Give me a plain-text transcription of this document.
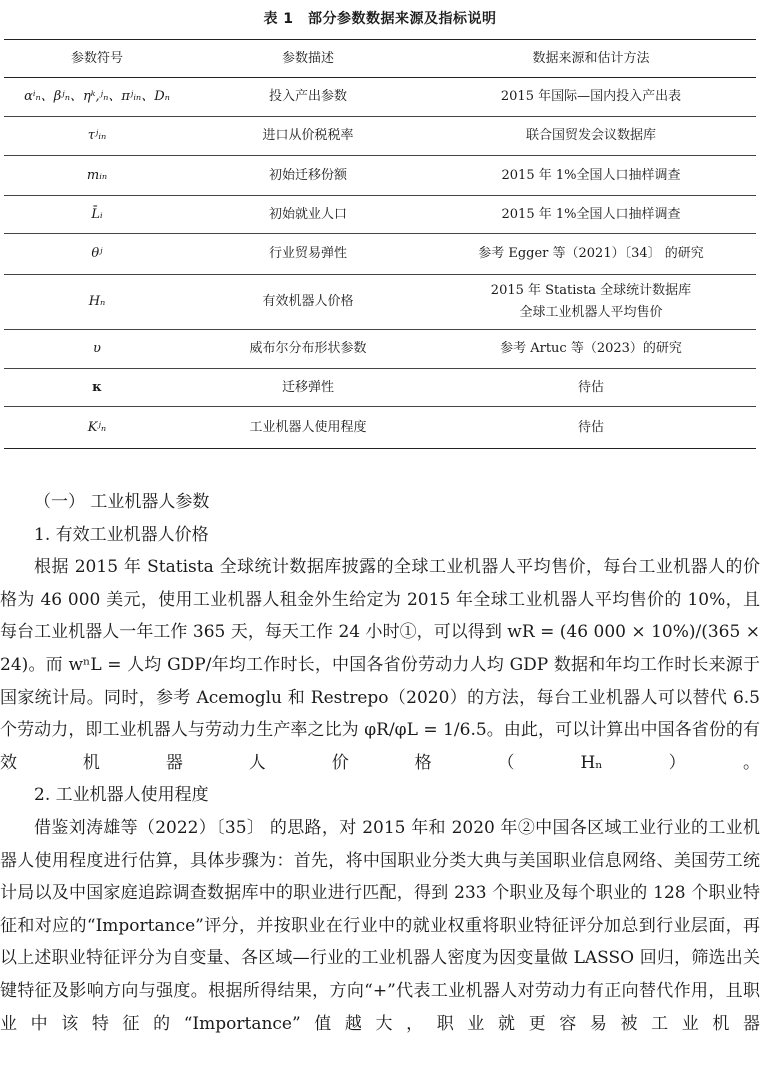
表 1　部分参数数据来源及指标说明
参数符号	参数描述	数据来源和估计方法
αⁱₙ、βʲₙ、ηᵏ,ʲₙ、πʲᵢₙ、Dₙ	投入产出参数	2015 年国际—国内投入产出表
τʲᵢₙ	进口从价税税率	联合国贸发会议数据库
mᵢₙ	初始迁移份额	2015 年 1%全国人口抽样调查
L̄ᵢ	初始就业人口	2015 年 1%全国人口抽样调查
θʲ	行业贸易弹性	参考 Egger 等（2021）〔34〕 的研究
Hₙ	有效机器人价格	2015 年 Statista 全球统计数据库
全球工业机器人平均售价
υ	威布尔分布形状参数	参考 Artuc 等（2023）的研究
κ	迁移弹性	待估
Kʲₙ	工业机器人使用程度	待估

（一） 工业机器人参数

1. 有效工业机器人价格

根据 2015 年 Statista 全球统计数据库披露的全球工业机器人平均售价，每台工业机器人的价格为 46 000 美元，使用工业机器人租金外生给定为 2015 年全球工业机器人平均售价的 10%，且每台工业机器人一年工作 365 天，每天工作 24 小时①，可以得到 wR = (46 000 × 10%)/(365 × 24)。而 wⁿL = 人均 GDP/年均工作时长，中国各省份劳动力人均 GDP 数据和年均工作时长来源于国家统计局。同时，参考 Acemoglu 和 Restrepo（2020）的方法，每台工业机器人可以替代 6.5 个劳动力，即工业机器人与劳动力生产率之比为 φR/φL = 1/6.5。由此，可以计算出中国各省份的有效机器人价格（Hₙ）。

2. 工业机器人使用程度

借鉴刘涛雄等（2022）〔35〕 的思路，对 2015 年和 2020 年②中国各区域工业行业的工业机器人使用程度进行估算，具体步骤为：首先，将中国职业分类大典与美国职业信息网络、美国劳工统计局以及中国家庭追踪调查数据库中的职业进行匹配，得到 233 个职业及每个职业的 128 个职业特征和对应的“Importance”评分，并按职业在行业中的就业权重将职业特征评分加总到行业层面，再以上述职业特征评分为自变量、各区域—行业的工业机器人密度为因变量做 LASSO 回归，筛选出关键特征及影响方向与强度。根据所得结果，方向“+”代表工业机器人对劳动力有正向替代作用，且职业中该特征的“Importance”值越大，职业就更容易被工业机器
